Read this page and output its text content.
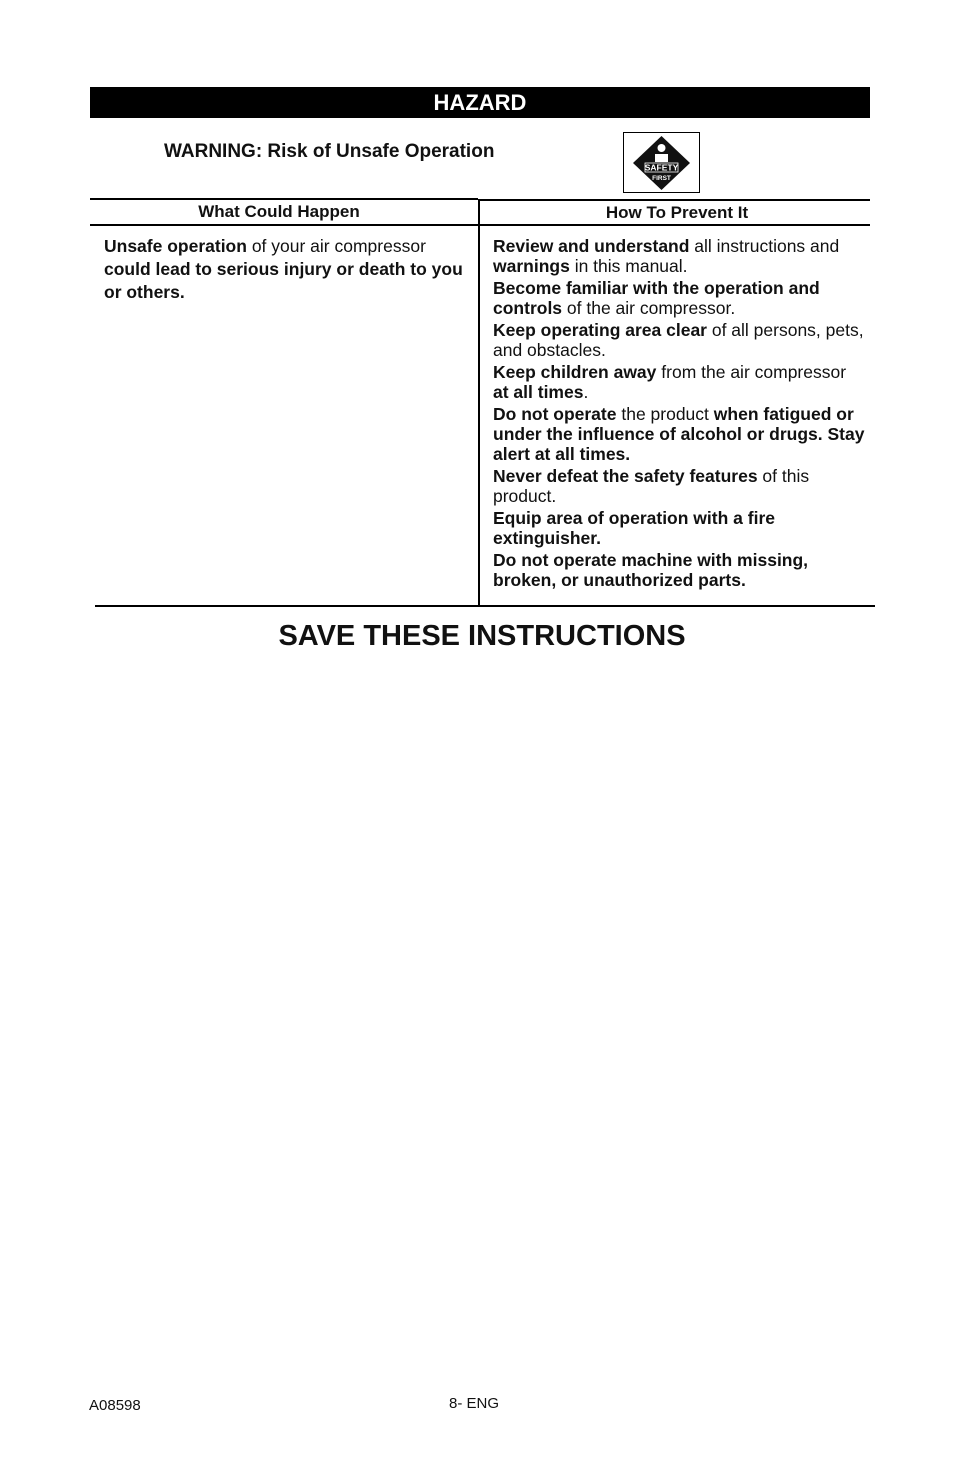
HAZARD
WARNING: Risk of Unsafe Operation
SAFETY
FIRST
What Could Happen	How To Prevent It
Unsafe operation of your air compressor could lead to serious injury or death to you or others.

Review and understand all instructions and warnings in this manual.

Become familiar with the operation and controls of the air compressor.

Keep operating area clear of all persons, pets, and obstacles.

Keep children away from the air compressor at all times.

Do not operate the product when fatigued or under the influence of alcohol or drugs. Stay alert at all times.

Never defeat the safety features of this product.

Equip area of operation with a fire extinguisher.

Do not operate machine with missing, broken, or unauthorized parts.

SAVE THESE INSTRUCTIONS
A08598	8- ENG
